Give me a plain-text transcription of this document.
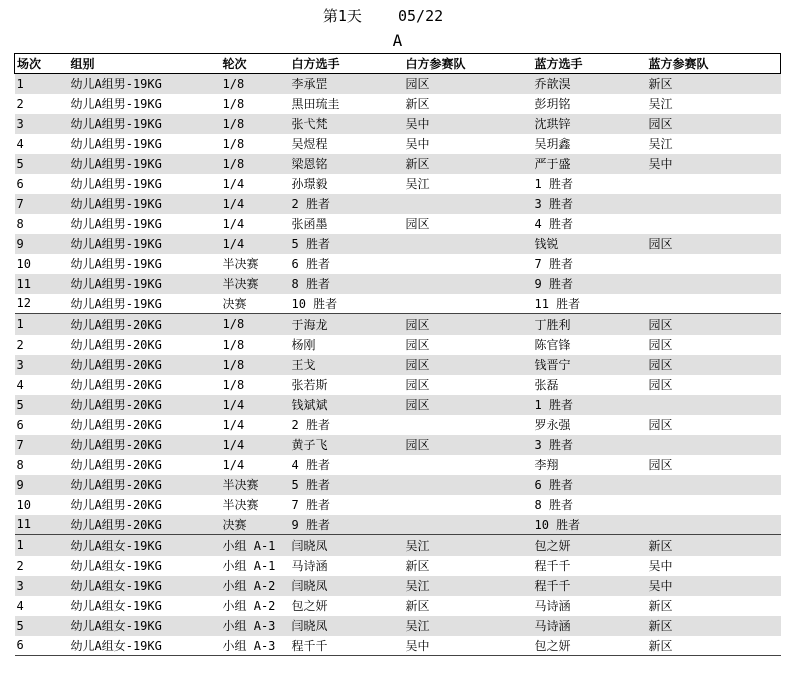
第1天 05/22
A
场次	组别	轮次	白方选手	白方参赛队	蓝方选手	蓝方参赛队
1	幼儿A组男-19KG	1/8	李承罡	园区	乔歆淏	新区
2	幼儿A组男-19KG	1/8	黒田琉圭	新区	彭玥铭	吴江
3	幼儿A组男-19KG	1/8	张弋梵	吴中	沈珙锌	园区
4	幼儿A组男-19KG	1/8	吴煜程	吴中	吴玥鑫	吴江
5	幼儿A组男-19KG	1/8	梁恩铭	新区	严于盛	吴中
6	幼儿A组男-19KG	1/4	孙璟毅	吴江	1 胜者	
7	幼儿A组男-19KG	1/4	2 胜者		3 胜者	
8	幼儿A组男-19KG	1/4	张函墨	园区	4 胜者	
9	幼儿A组男-19KG	1/4	5 胜者		钱锐	园区
10	幼儿A组男-19KG	半决赛	6 胜者		7 胜者	
11	幼儿A组男-19KG	半决赛	8 胜者		9 胜者	
12	幼儿A组男-19KG	决赛	10 胜者		11 胜者	
1	幼儿A组男-20KG	1/8	于海龙	园区	丁胜利	园区
2	幼儿A组男-20KG	1/8	杨刚	园区	陈官锋	园区
3	幼儿A组男-20KG	1/8	王戈	园区	钱晋宁	园区
4	幼儿A组男-20KG	1/8	张若斯	园区	张磊	园区
5	幼儿A组男-20KG	1/4	钱斌斌	园区	1 胜者	
6	幼儿A组男-20KG	1/4	2 胜者		罗永强	园区
7	幼儿A组男-20KG	1/4	黄子飞	园区	3 胜者	
8	幼儿A组男-20KG	1/4	4 胜者		李翔	园区
9	幼儿A组男-20KG	半决赛	5 胜者		6 胜者	
10	幼儿A组男-20KG	半决赛	7 胜者		8 胜者	
11	幼儿A组男-20KG	决赛	9 胜者		10 胜者	
1	幼儿A组女-19KG	小组 A-1	闫晓凤	吴江	包之妍	新区
2	幼儿A组女-19KG	小组 A-1	马诗涵	新区	程千千	吴中
3	幼儿A组女-19KG	小组 A-2	闫晓凤	吴江	程千千	吴中
4	幼儿A组女-19KG	小组 A-2	包之妍	新区	马诗涵	新区
5	幼儿A组女-19KG	小组 A-3	闫晓凤	吴江	马诗涵	新区
6	幼儿A组女-19KG	小组 A-3	程千千	吴中	包之妍	新区
